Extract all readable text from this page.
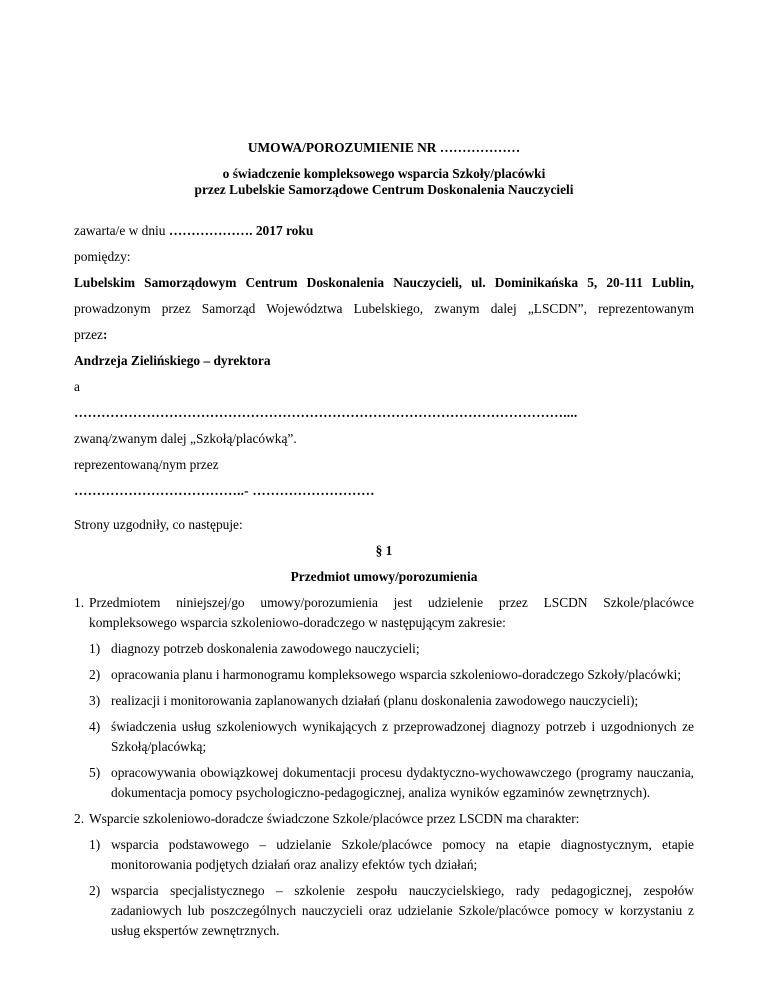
UMOWA/POROZUMIENIE NR ………………

o świadczenie kompleksowego wsparcia Szkoły/placówki
przez Lubelskie Samorządowe Centrum Doskonalenia Nauczycieli

zawarta/e w dniu ………………. 2017 roku

pomiędzy:

Lubelskim Samorządowym Centrum Doskonalenia Nauczycieli, ul. Dominikańska 5, 20-111 Lublin,

prowadzonym przez Samorząd Województwa Lubelskiego, zwanym dalej „LSCDN”, reprezentowanym

przez:

Andrzeja Zielińskiego – dyrektora

a

………………………………………………………………………………………………....

zwaną/zwanym dalej „Szkołą/placówką”.

reprezentowaną/nym przez

………………………………..- ………………………

Strony uzgodniły, co następuje:

§ 1

Przedmiot umowy/porozumienia

1. Przedmiotem niniejszej/go umowy/porozumienia jest udzielenie przez LSCDN Szkole/placówce kompleksowego wsparcia szkoleniowo-doradczego w następującym zakresie:
1) diagnozy potrzeb doskonalenia zawodowego nauczycieli;
2) opracowania planu i harmonogramu kompleksowego wsparcia szkoleniowo-doradczego Szkoły/placówki;
3) realizacji i monitorowania zaplanowanych działań (planu doskonalenia zawodowego nauczycieli);
4) świadczenia usług szkoleniowych wynikających z przeprowadzonej diagnozy potrzeb i uzgodnionych ze Szkołą/placówką;
5) opracowywania obowiązkowej dokumentacji procesu dydaktyczno-wychowawczego (programy nauczania, dokumentacja pomocy psychologiczno-pedagogicznej, analiza wyników egzaminów zewnętrznych).
2. Wsparcie szkoleniowo-doradcze świadczone Szkole/placówce przez LSCDN ma charakter:
1) wsparcia podstawowego – udzielanie Szkole/placówce pomocy na etapie diagnostycznym, etapie monitorowania podjętych działań oraz analizy efektów tych działań;
2) wsparcia specjalistycznego – szkolenie zespołu nauczycielskiego, rady pedagogicznej, zespołów zadaniowych lub poszczególnych nauczycieli oraz udzielanie Szkole/placówce pomocy w korzystaniu z usług ekspertów zewnętrznych.
